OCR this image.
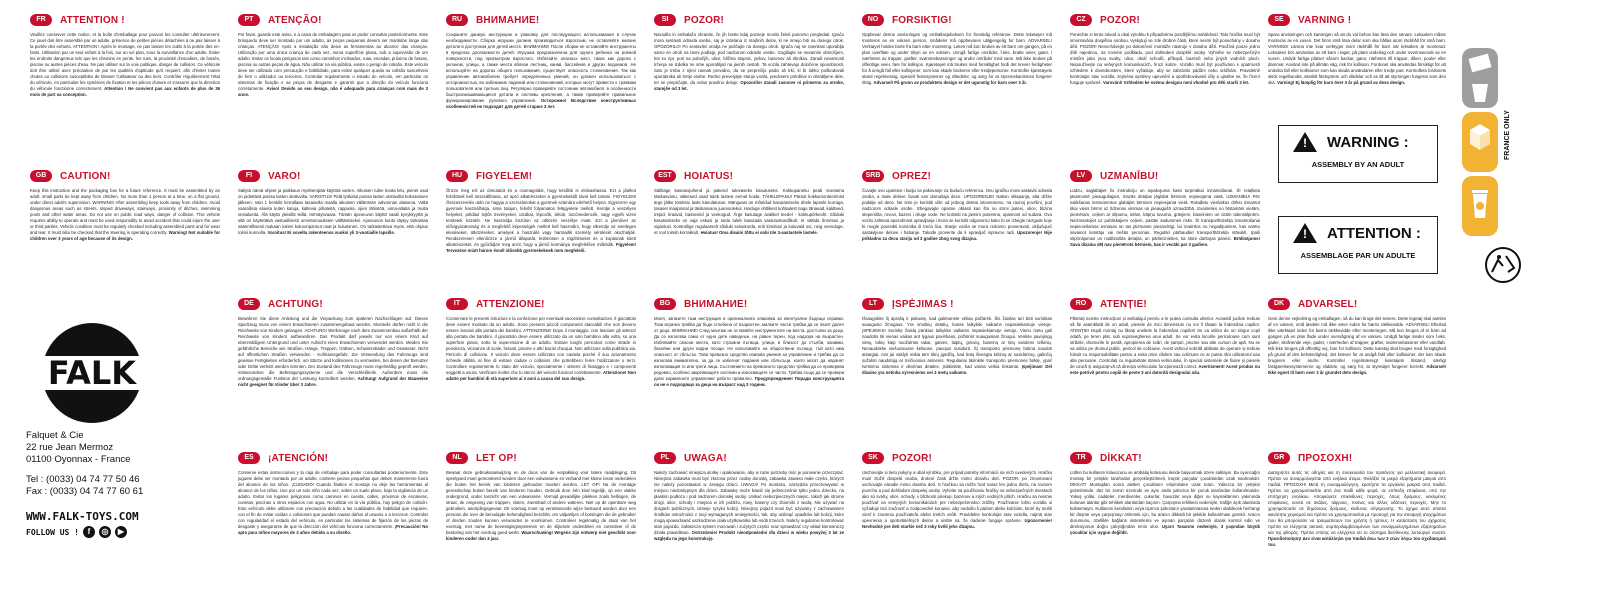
FR	ATTENTION !
Veuillez conserver cette notice, et la boîte d'emballage pour pouvoir les consulter ultérieurement. Ce jouet doit être assemblé par un adulte, présence de petites pièces détachées à ne pas laisser à la portée des enfants. ATTENTION ! Après le montage, ne pas laisser les outils à la portée des enfants. Utilisation par un seul enfant à la fois, sur un sol plan, sous la surveillance d'un adulte. Éviter les endroits dangereux tels que les chemins en pente, les rues, la proximité d'escaliers, de fossés, piscine ou autres pièces d'eau. Ne pas utiliser sur la voie publique, danger de collision. Ce véhicule doit être utilisé avec précaution de par les qualités d'aptitude qu'il requiert, afin d'éviter toutes chutes ou collisions susceptibles de blesser l'utilisateur ou des tiers. Contrôler régulièrement l'état du véhicule, en particulier les systèmes de fixation et les pièces d'usure et s'assurer que la direction du véhicule fonctionne correctement. Attention ! Ne convient pas aux enfants de plus de 36 mois de part sa conception.
PT	ATENÇÃO!
Por favor, guarde este aviso, e a caixa de embalagem para os poder consultar posteriormente. Este brinquedo deve ser montado por um adulto, as peças pequenas devem ser mantidas longe das crianças. ATENÇÃO! Após a instalação não deixe as ferramentas ao alcance das crianças. Utilização por uma única criança de cada vez, numa superfície plana, sob a supervisão de um adulto. Evitar os locais perigosos tais como caminhos inclinados, ruas, escadas, próximo de fossas, piscina ou outras peças de água. Não utilizar na via pública, existe o perigo de colisão. Este veículo deve ser utilizado com precaução e habilidade, para evitar qualquer queda ou colisão suscetíveis de ferir o utilizador ou terceiros. Controlar regularmente o estado do veículo, em particular os sistemas de fixação e as peças de desgaste e garantir que a direção do veículo funciona corretamente. Aviso! Devido ao seu design, não é adequado para crianças com mais de 3 anos.
RU	ВНИМАНИЕ!
Сохраните данную инструкцию и упаковку для последующего использования в случае необходимости. Сборка игрушки должна производиться взрослым, не оставляйте мелкие детали в доступном для детей месте. ВНИМАНИЕ! После сборки не оставляйте инструменты в пределах досягаемости детей. Игрушка предназначена для одного ребенка на ровной поверхности, под присмотром взрослого. Избегайте опасных мест, таких как дороги с уклоном, улицы, а также места вблизи лестниц, канав, бассейнов и других водоемов. Не используйте на дорогах общего пользования, существует опасность столкновения. Так как управление автомобилем требует определенных умений, он должен использоваться с осторожностью, во избежание падений или столкновений, которые могут привести к травмам пользователя или третьих лиц. Регулярно проверяйте состояние автомобиля, в особенности быстроизнашивающиеся детали и системы крепления, а также проверяйте правильное функционирование рулевого управления. Осторожно! Вследствие конструктивных особенностей не подходит для детей старше 3 лет.
SI	POZOR!
Navodila in embalažo shranite, če jih boste kdaj pozneje morda želeli ponovno pregledati. Igračo mora sestaviti odrasla oseba, saj je izdelana iz majhnih delov, ki ne smejo biti na dosegu otrok. OPOZORILO! Po sestavitvi orodja ne puščajte na dosegu otrok. Igrača naj se naenkrat uporablja samo en otrok na ravni podlagi, pod nadzorom odrasle osebe. Izogibajte se nevarnim območjem, kot so npr. poti na pobočjih, ulice, bližina stopnic, jarkov, bazenov ali ribnikov. Zaradi nevarnosti trčenja se izdelka ne sme uporabljati na javnih cestah. Ta vozila zahtevajo določene sposobnosti, zato je treba z njimi ravnati previdno, da se preprečijo padci ali trki, ki bi lahko poškodovali uporabnika ali tretje osebe. Redno preverjajte stanje vozila, predvsem pritrditve in obrabljene dele, ter se prepričajte, da volan pravilno deluje. Opozorilo! Zaradi zasnove ni primerno za otroke, starejše od 3 let.
NO	FORSIKTIG!
Oppbevar denne anvisningen og emballasjeboksen for fremtidig referanse. Dette leketøyet må monteres av en voksen person, smådeler må oppbevares utilgjengelig for barn. ADVARSEL! Verktøyet holdes borte fra barn etter montering. Leken må kun brukes av ett barn om gangen, på en plan overflate og under tilsyn av en voksen. Unngå farlige områder, f.eks. bratte veier, gater, i nærheten av trapper, grøfter, svømmebassenger og andre områder med vann. Må ikke brukes på offentlige veier, fare for kollisjon. Kjøretøyet må brukes med forsiktighet fordi det krever ferdigheter for å unngå fall eller kollisjoner, som kan skade brukeren eller tredjepersoner. Kontroller kjøretøyets stand regelmessig, spesielt festesystemer og slitedeler, og sørg for at styremekanismen fungerer riktig. Advarsel! På grunn av produktets design er det ugunstig for barn over 3 år.
CZ	POZOR!
Ponechte si tento návod a obal výrobku k případnému pozdějšímu nahlédnutí. Tato hračka musí být smontována dospělou osobou, vyskytují se zde drobné části, které nesmí být ponechány v dosahu dětí. POZOR! Nenechávejte po dokončení montáže nástroje v dosahu dětí. Používá pouze jedno dítě najednou, na rovném podkladu, pod dohledem dospělé osoby. Vyhněte se nebezpečným místům jako jsou svahy, ulice, okolí schodů, příkopů, bazénů nebo jiných vodních ploch. Nepoužívejte na veřejných komunikacích, hrozí kolize. Vozidlo musí být používáno s opatrností vzhledem k dovednostem, které vyžaduje, aby se zabránilo pádům nebo srážkám. Pravidelně kontrolujte stav vozidla, zejména systémy upevnění a opotřebovávané díly a ujistěte se, že řízení funguje správně. Varování! Vzhledem ke svému designu není vhodné pro děti starší 3 let.
SE	VARNING !
Spara anvisningen och kartongen så att du vid behov kan läsa den senare. Leksaken måste monteras av en vuxen. Det finns små lösa delar som ska hållas utom räckhåll för små barn. VARNING! Lämna inte kvar verktyget inom räckhåll för barn när leksaken är monterad. Leksaken bör användas av ett barn i taget, på plant underlag och under överinseende av en vuxen. Undvik farliga platser såsom backar, gator, närheten till trappor, diken, pooler eller dammar. Använd inte på allmän väg, risk för kollision. Fordonet ska användas försiktigt för att undvika fall eller kollisioner som kan skada användaren eller tredje part. Kontrollera fordonets skick regelbundet, särskilt fästsystem och slitdelar och se till att styrningen fungerar som den ska. Varning! Ej lämplig för barn över 3 år på grund av dess design.
GB	CAUTION!
Keep this instruction and the packaging box for a future reference. It must be assembled by an adult, small parts be kept away from children. No more than 1 person at a time, on a flat ground, under direct adult's supervision. WARNING! After assembling keep tools away from children. Avoid dangerous areas such as streets, sloped driveways, stairways, proximity of ditches, swimming pools and other water areas. Do not use on public road ways, danger of collision. This vehicle requires ability to operate and must be used responsibly to avoid accident that could injure the user or third parties. Vehicle condition must be regularly checked including assembled parts and for wear and tear. It must also be checked that the steering is operating correctly. Warning! Not suitable for children over 3 years of age because of its design.
FI	VARO!
Säilytä nämä ohjeet ja paikkaus myöhempää käyttöä varten. Aikuisen tulee koota lelu, pienet osat on pidettävä poissa lasten ulottuvilta. VAROITUS! Pidä työkalut poissa lasten ulottuvilta kokoamisen jälkeen. Vain 1 henkilö kerrallaan tasaisella maalla aikuisen välittömän valvonnan alaisena. Vältä vaarallisia alueita kuten katuja, kaltevia pihateitä, rappusia, ojien lähistöä, uima-altaita ja muita vesialueita. Älä käytä yleisillä teillä, törmäysvaara. Tämän ajoneuvon käyttö vaatii kyvykkyyttä ja sitä on käytettävä vastuullisesti onnettomuuksien välttämiseksi. Ajoneuvon kunto täytyy tarkastaa säännöllisesti mukaan lukien kokoonpannut osat ja kuluminen. On tarkastettava myös, että ohjaus toimii kunnolla. Varoitus! Ei sovellu rakenteensa vuoksi yli 3-vuotiaille lapsille.
HU	FIGYELEM!
Őrizze meg ezt az útmutatót és a csomagolást, hogy később is elolvashassa. Ezt a játékot felnőttnek kell összeállítania, az apró alkatrészeket a gyermekektől távol kell tartani. FIGYELEM! Összeszerelés után ne hagyja a szerszámokat a gyermek számára elérhető helyen. Egyszerre egy gyermek használhatja, sima talajon, felnőtt folyamatos felügyelete mellett. Kerülje a veszélyes helyeket, például lejtős ösvényeket, utcákat, lépcsők, árkok, úszómedencék, vagy egyéb vizes területek közelét. Ne használja közúton az ütközés veszélye miatt. Ezt a járművet az elővigyázatosság és a megfelelő képességek mellett kell használni, hogy elkerülje az esetleges eleséseket, ütközéseket, amelyek a használó vagy harmadik személy sérülését okozhatják. Rendszeresen ellenőrizze a jármű állapotát, különösen a rögzítéseket és a kopásnak kitett alkatrészeket, és győződjön meg arról, hogy a jármű kormánya megfelelően működik. Figyelem! Tervezése miatt három évnél idősebb gyermekeknek nem megfelelő.
EST	HOIATUS!
Säilitage kasutusjuhend ja pakend tulevaseks kasutuseks. Kokkupaneku peab teostama täiskasvanu, väikesed osad tuleb lastest eemal hoida. TÄHELEPANU! Pärast kokkumonteerimist ärge jätke tööriistu laste käeulatusse. Mänguasi on mõeldud kasutamiseks ühele lapsele korraga, tasasel maapinnal ja täiskasvanu juuresolekul. Hoiduge ohtlikest kohtadest nagu tänavad, kaldteed, trepid, kraavid, basseinid ja veekogud. Ärge kasutage avalikel teedel - kokkupõrkeoht. Sõiduki kasutamiseks on vaja oskusi ja seda tuleb kasutada vastutustundlikult, et vältida õnnetusi ja vigastusi. Kontrollige regulaarselt sõiduki seisukorda, eriti kinnitusi ja kuluvaid osi, ning veenduge, et rool toimib korralikult. Hoiatus! Oma disaini tõttu ei sobi üle 3-aastastele lastele.
SRB	OPREZ!
Čuvajte ovo uputstvo i kutiju za pakovanje za buduću referencu. Ovu igračku mora sastaviti odrasla osoba, a male delove čuvati van domašaja dece. UPOZORENJE! Nakon sklapanja, alat držite podalje od dece. Ne sme je koristiti više od jednog deteta istovremeno, na ravnoj površini, pod nadzorom odrasle osobe. Izbegavajte opasne oblasti kao što su strmi putevi, ulice, blizina stepeništa, rovovi, bazeni i druge vode. Ne koristiti na javnim putevima, opasnost od sudara. Ovo vozilo zahteva sposobnost upravljanja i mora se koristiti odgovorno kako bi se izbegle nezgode koje bi mogle povrediti korisnika ili treća lica. Stanje vozila se mora redovno proveravati, uključujući sastavljene delove i habanje. Takođe proverite da li upravljač ispravno radi. Upozorenje! Nije prikladno za decu stariju od 3 godine zbog svog dizajna.
LV	UZMANĪBU!
Lūdzu, saglabājiet šo instrukciju un iepakojuma kasti turpmākai izmantošanai. Šī rotaļlieta jāsamontē pieaugušajam, mazās detaļas jāglabā bērniem nepieejamā vietā. UZMANĪBU! Pēc salikšanas instrumentus glabājiet bērniem nepieejamā vietā. Rotaļlietu vienlaikus drīkst izmantot tikai viens bērns uz līdzenas virsmas un pieaugušā uzraudzībā. Izvairieties no bīstamām vietām, piemēram, ceļiem ar slīpumu, ielām, kāpņu tuvuma, grāvjiem, baseiniem un citām ūdenstilpnēm. Neizmantojiet uz publiskajiem ceļiem, pastāv sadursmes risks. Šī transportlīdzekļa izmantošanai nepieciešamas iemaņas un tas jāizmanto piesardzīgi, lai izvairītos no negadījumiem, kas varētu savainot lietotāju vai trešās personas. Regulāri pārbaudiet transportlīdzekļa stāvokli, īpaši stiprinājumus un nodilstošās detaļas, un pārliecinieties, ka stūre darbojas pareizi. Brīdinājums! Sava dizaina dēļ nav piemērots bērniem, kas ir vecāki par 3 gadiem.
DE	ACHTUNG!
Bewahren Sie diese Anleitung und die Verpackung zum späteren Nachschlagen auf. Dieses Spielzeug muss von einem Erwachsenen zusammengebaut werden. Kleinteile dürfen nicht in die Reichweite von Kindern gelangen. ACHTUNG! Werkzeuge nach dem Zusammenbau außerhalb der Reichweite von Kindern aufbewahren. Das Produkt darf jeweils nur von einem Kind auf ebenmäßigem Untergrund und unter Aufsicht eines Erwachsenen verwendet werden. Meiden Sie gefährliche Bereiche wie Straßen, Hänge, Treppen, Gräben, Schwimmbäder und Gewässer. Nicht auf öffentlichen Straßen verwenden - Kollisionsgefahr. Zur Verwendung des Fahrzeugs sind gewisse Fertigkeiten erforderlich, um Stürze und Kollisionen zu vermeiden, bei denen der Benutzer oder Dritte verletzt werden könnten. Der Zustand des Fahrzeugs muss regelmäßig geprüft werden, insbesondere die Befestigungssysteme und die Verschleißteile. Außerdem muss die ordnungsgemäße Funktion der Lenkung kontrolliert werden. Achtung! Aufgrund der Bauweise nicht geeignet für Kinder über 3 Jahre.
IT	ATTENZIONE!
Conservare le presenti istruzioni e la confezione per eventuali successive consultazioni. Il giocattolo deve essere montato da un adulto. Sono presenti piccoli componenti staccabili che non devono essere lasciati alla portata dei bambini. ATTENZIONE! Dopo il montaggio, non lasciare gli attrezzi alla portata dei bambini. Il giocattolo deve essere utilizzato da un solo bambino alla volta, su una superficie piana, sotto la supervisione di un adulto. Evitare luoghi pericolosi come strade in pendenza, vicinanze di scale, fossati, piscine o altri bacini d'acqua. Non utilizzare sulla pubblica via. Pericolo di collisione. Il veicolo deve essere utilizzato con cautela poiché il suo azionamento richiede abilità, al fine di evitare cadute o collisioni che potrebbero ferire l'utilizzatore o terzi. Controllare regolarmente lo stato del veicolo, specialmente i sistemi di fissaggio e i componenti soggetti a usura. Verificare inoltre che lo sterzo del veicolo funzioni correttamente. Attenzione! Non adatto per bambini di età superiore ai 3 anni a causa del suo design.
BG	ВНИМАНИЕ!
Моля, запазете тази инструкция и оригиналната опаковка за евентуални бъдещи справки. Тази играчка трябва да бъде сглобена от възрастен, малките части трябва да се пазят далеч от деца. ВНИМАНИЕ! След монтаж не оставяйте инструментите на места, достъпни за деца. Да се използва само от едно дете наведнъж, на равен терен, под надзора на възрастен. Избягвайте опасни места, като стръмни пътища, улици, в близост до стълби, канавки, басейни или други водни площи. Не използвайте на обществени пътища, тъй като има опасност от сблъсък. Това превозно средство изисква умения за управление и трябва да се използва внимателно, за да се избегнат падания или сблъсъци, които могат да наранят използващия го или трети лица. Състоянието на превозното средство трябва да се проверява редовно, особено закрепващите системи и износващите се части. Трябва също да се провери дали кормилното управление работи правилно. Предупреждение! Поради конструкцията си не е подходящо за деца на възраст над 3 години.
LT	ĮSPĖJIMAS !
Išsaugokite šį aprašą ir pakuotę, kad galėtumėte vėliau pažiūrėti. Šis žaislas turi būti surinktas suaugusio žmogaus. Yra smulkių detalių, kurias laikykite vaikams nepasiekiamoje vietoje. ĮSPĖJIMAS! Surinkę žaislą įrankius laikykite vaikams nepasiekiamoje vietoje. Vienu metu gali naudotis tik vienas vaikas ant lygaus paviršiaus, prižiūrint suaugusiam žmogui. Venkite pavojingų vietų, tokių kaip nuožulnūs takai, gatvės, laiptų, griovių, baseinų ar kitų vandens telkinių. Nenaudokite viešuosiuose keliuose, pavojus susidurti. Šį transporto priemonę būtina naudoti atsargiai, nes jai valdyti reikia tam tikrų įgūdžių, kad būtų išvengta kritimų ar susidūrimų, galinčių sužaloti naudotoją ar trečiuosius asmenis. Reguliariai tikrinkite transporto priemonės būklę, ypač tvirtinimo sistemas ir dėvimas detales. Įsitikinkite, kad vairas veikia tinkamai. Įspėjimas! Dėl dizaino yra netinka vyresniems nei 3 metų vaikams.
RO	ATENȚIE!
Păstrați aceste instrucțiuni și ambalajul pentru a le putea consulta ulterior. Această jucărie trebuie să fie asamblată de un adult, piesele de mici dimensiuni nu vor fi lăsate la îndemâna copiilor. ATENȚIE! După montaj nu lăsați uneltele la îndemâna copiilor! Se va utiliza de un singur copil odată, pe teren plat, sub supravegherea unui adult. Se vor evita locurile periculoase cum sunt străzile, drumurile în pantă, apropierea de scări, de șanțuri, piscine sau alte cursuri de apă. Nu se va utiliza pe drumul public, pericol de coliziune. Acest vehicul solicită abilitate de operare și trebuie folosit cu responsabilitate pentru a evita orice cădere sau coliziune ce ar putea răni utilizatorul sau alte persoane. Controlați cu regularitate starea vehiculului, în special sistemele de fixare și piesele de uzură și asigurați-vă că direcția vehiculului funcționează corect. Avertisment! Acest produs nu este potrivit pentru copiii de peste 3 ani datorită designului său.
DK	ADVARSEL!
Gem denne vejledning og emballagen, så du kan bruge det senere. Dette legetøj skal samles af en voksen, små løsdele må ikke være inden for børns rækkevidde. ADVARSEL! Efterlad ikke værktøjet inden for børns rækkevidde efter monteringen. Må kun bruges af et barn ad gangen på en plan flade under overvågning af en voksen. Undgå farlige steder som f.eks. gader, skrånende veje, gader, i nærheden af trapper, grøfter, svømmebassiner eller vandløb. Må ikke bruges på offentlig vej, fare for kollision. Dette køretøj skal bruges med forsigtighed på grund af den behændighed, det kræver for at undgå fald eller kollisioner, der kan skade brugeren eller andre. Kontroller regelmæssigt køretøjets tilstand, særligt fastgørelsessystemerne og sliddele, og sørg for, at styretøjet fungerer korrekt. Advarsel! Ikke egnet til børn over 3 år grundet dets design.
ES	¡ATENCIÓN!
Conserve estas instrucciones y la caja de embalaje para poder consultarlas posteriormente. Este juguete debe ser montado por un adulto, contiene piezas pequeñas que deben mantenerse fuera del alcance de los niños. ¡CUIDADO! Cuando finalice el montaje no deje las herramientas al alcance de los niños. Uso por un solo niño cada vez, sobre un suelo plano, bajo la vigilancia de un adulto. Evitar los lugares peligrosos como caminos en cuesta, calles, próximos de escaleras, cunetas, piscinas u otros espacios con agua. No utilizar en la vía pública, hay peligro de colisión. Este vehículo debe utilizarse con precaución debido a las cualidades de habilidad que requiere, con el fin de evitar caídas o colisiones que puedan causar daños al usuario o a terceros. Controlar con regularidad el estado del vehículo, en particular los sistemas de fijación de las piezas de desgaste y asegurarse de que la dirección del vehículo funciona correctamente. ¡Precaución! No apto para niños mayores de 3 años debido a su diseño.
NL	LET OP!
Bewaar deze gebruiksaanwijzing en de doos van de verpakking voor latere raadpleging. Dit speelgoed moet gemonteerd worden door een volwassene en verband met kleine losse onderdelen die buiten het bereik van kinderen gehouden moeten worden. LET OP! Na de montage gereedschap buiten bereik van kinderen houden. Gebruik door één kind tegelijk, op een vlakke ondergrond, onder toezicht van een volwassene. Vermijd gevaarlijke plekken zoals hellingen, de straat, de omgeving van trappen, sloten, zwembad of andere wateren. Niet op de openbare weg gebruiken, aanrijdingsgevaar. Dit voertuig moet op verantwoorde wijze bestuurd worden door een persoon die over de benodigde behendigheid beschikt, om valpartijen of botsingen die de gebruiker of derden zouden kunnen verwonden te voorkomen. Controleer regelmatig de staat van het voertuig, met name de bevestigingssystemen en de slijtende onderdelen en controleer of de besturing van het voertuig goed werkt. Waarschuwing! Wegens zijn ontwerp niet geschikt voor kinderen ouder dan 3 jaar.
PL	UWAGA!
Należy zachować niniejszą ulotkę i opakowanie, aby w razie potrzeby móc je ponownie przeczytać. Niniejsza zabawka musi być złożona przez osobę dorosłą, zabawka zawiera małe części, których nie należy pozostawiać w zasięgu dzieci. UWAGA! Po montażu, narzędzia przechowywać w miejscu niedostępnym dla dzieci. Zabawkę może bawić się jednocześnie tylko jedno dziecko, na płaskim podłożu i pod nadzorem dorosłej osoby. Unikać niebezpiecznych miejsc, takich jak strome drogi, ulice, schody i miejsca w ich pobliżu, rowy, baseny czy zbiorniki z wodą. Nie używać na drogach publicznych, istnieje ryzyko kolizji. Niniejszy pojazd musi być używany z zachowaniem środków ostrożności z racji wymaganych umiejętności, tak, aby uniknąć upadków lub kolizji, które mogą spowodować uszkodzenie ciała użytkownika lub osób trzecich. Należy regularnie kontrolować stan pojazdu, zwłaszcza system mocowań i zużytych części oraz sprawdzać czy układ kierowniczy działa prawidłowo. Ostrzeżenie! Produkt nieodpowiedni dla dzieci w wieku powyżej 3 lat ze względu na jego konstrukcję.
SK	POZOR!
Uschovajte si tieto pokyny a obal výrobku, pre prípad potreby informácií na ních uvedených. Hračku musí zložiť dospelá osoba, drobné časti držte mimo dosahu detí. POZOR. po zmontovaní uschovajte náradie mimo dosahu detí. S hračkou sa môže hrať naraz len jedno dieťa, na rovnom povrchu a pod dohľadom dospelej osoby. Vyhnite sa používaniu hračky na nebezpečných miestach ako sú svahy, ulice, schody, v blízkosti priekop, bazénov a iných vodných plôch. Hračku sa nesmie používať na verejných komunikáciách pre nebezpečenstvo zrážky. Používanie tohto vozidla si vyžaduje istú zručnosť a zodpovedné konanie, aby nedošlo k pádom alebo kolíziám, ktoré by mohli viesť k zraneniu používateľa alebo tretích osôb. Pravidelne kontrolujte stav vozidla, najmä stav upevnenia a opotrebiteľných dielov a uistite sa, že riadenie funguje správne. Upozornenie! Nevhodné pre deti staršie než 3 roky kvôli jeho dizajnu.
TR	DİKKAT!
Lütfen bu kullanım kılavuzunu ve ambalaj kutusunu ileride başvurmak üzere saklayın. Bu oyuncağın montajı bir yetişkin tarafından gerçekleştirilmeli, küçük parçalar çocuklardan uzak tutulmalıdır. DİKKAT! Montajdan sonra aletleri çocukların erişiminden uzak tutun. Yalnızca bir yetişkin gözetiminde, düz bir zemin üzerinde ve aynı anda yalnızca bir çocuk tarafından kullanılmalıdır. Yokuş yollar, caddeler, merdivenler, çukurlar, havuzlar veya diğer su kaynaklarının yakınında bulunan alanlar gibi tehlikeli alanlardan kaçının. Çarpışma tehlikesi nedeniyle, trafiğe açık alanlarda kullanmayın. Kullanımı kendisinin veya üçüncü şahısların yaralanmasına neden olabilecek herhangi bir düşme veya çarpışmayı önlemek için, bu aracın dikkatli bir şekilde kullanılması gerekir. Aracın durumunu, özellikle bağlantı sistemlerini ve aşınan parçaları düzenli olarak kontrol edin ve direksiyonun doğru çalıştığından emin olun. Uyarı! Tasarımı nedeniyle, 3 yaşından büyük çocuklar için uygun değildir.
GR	ΠΡΟΣΟΧΗ!
Διατηρήστε αυτές τις οδηγίες και τη συσκευασία του προϊόντος για μελλοντική αναφορά. Πρέπει να συναρμολογείται από ενήλικα άτομο. Φυλάξτε τα μικρά εξαρτήματα μακριά από παιδιά. ΠΡΟΣΟΧΗ! Μετά τη συναρμολόγηση, κρατήστε τα εργαλεία μακριά από παιδιά. Πρέπει να χρησιμοποιείται από ένα παιδί κάθε φορά, σε επίπεδη επιφάνεια, υπό την επιτήρηση ενηλίκου. Αποφεύγετε επικίνδυνες περιοχές, όπως δρόμους, κεκλιμένες επιφάνειες, κοντά σε σκάλες, τάφρους, πισίνες και άλλες υδάτινες περιοχές. Μην το χρησιμοποιείτε σε δημόσιους δρόμους, κίνδυνος σύγκρουσης. Το όχημα αυτό απαιτεί ικανότητα χειρισμού και πρέπει να χρησιμοποιείται με προσοχή για την αποφυγή ατυχημάτων που θα μπορούσαν να τραυματίσουν τον χρήστη ή τρίτους. Η κατάσταση του οχήματος πρέπει να ελέγχεται τακτικά, συμπεριλαμβανομένων των συναρμολογημένων εξαρτημάτων και της φθοράς. Πρέπει επίσης να ελέγχεται ότι το σύστημα διεύθυνσης λειτουργεί σωστά. Προειδοποίηση! Δεν είναι κατάλληλο για παιδιά άνω των 3 ετών λόγω του σχεδιασμού του.
FALK
Falquet & Cie
22 rue Jean Mermoz
01100 Oyonnax - France
Tel : (0033) 04 74 77 50 46
Fax : (0033) 04 74 77 60 61
WWW.FALK-TOYS.COM
FOLLOW US !	f	◎	▶
!
WARNING :
ASSEMBLY BY AN ADULT
!
ATTENTION :
ASSEMBLAGE PAR UN ADULTE
FRANCE ONLY
